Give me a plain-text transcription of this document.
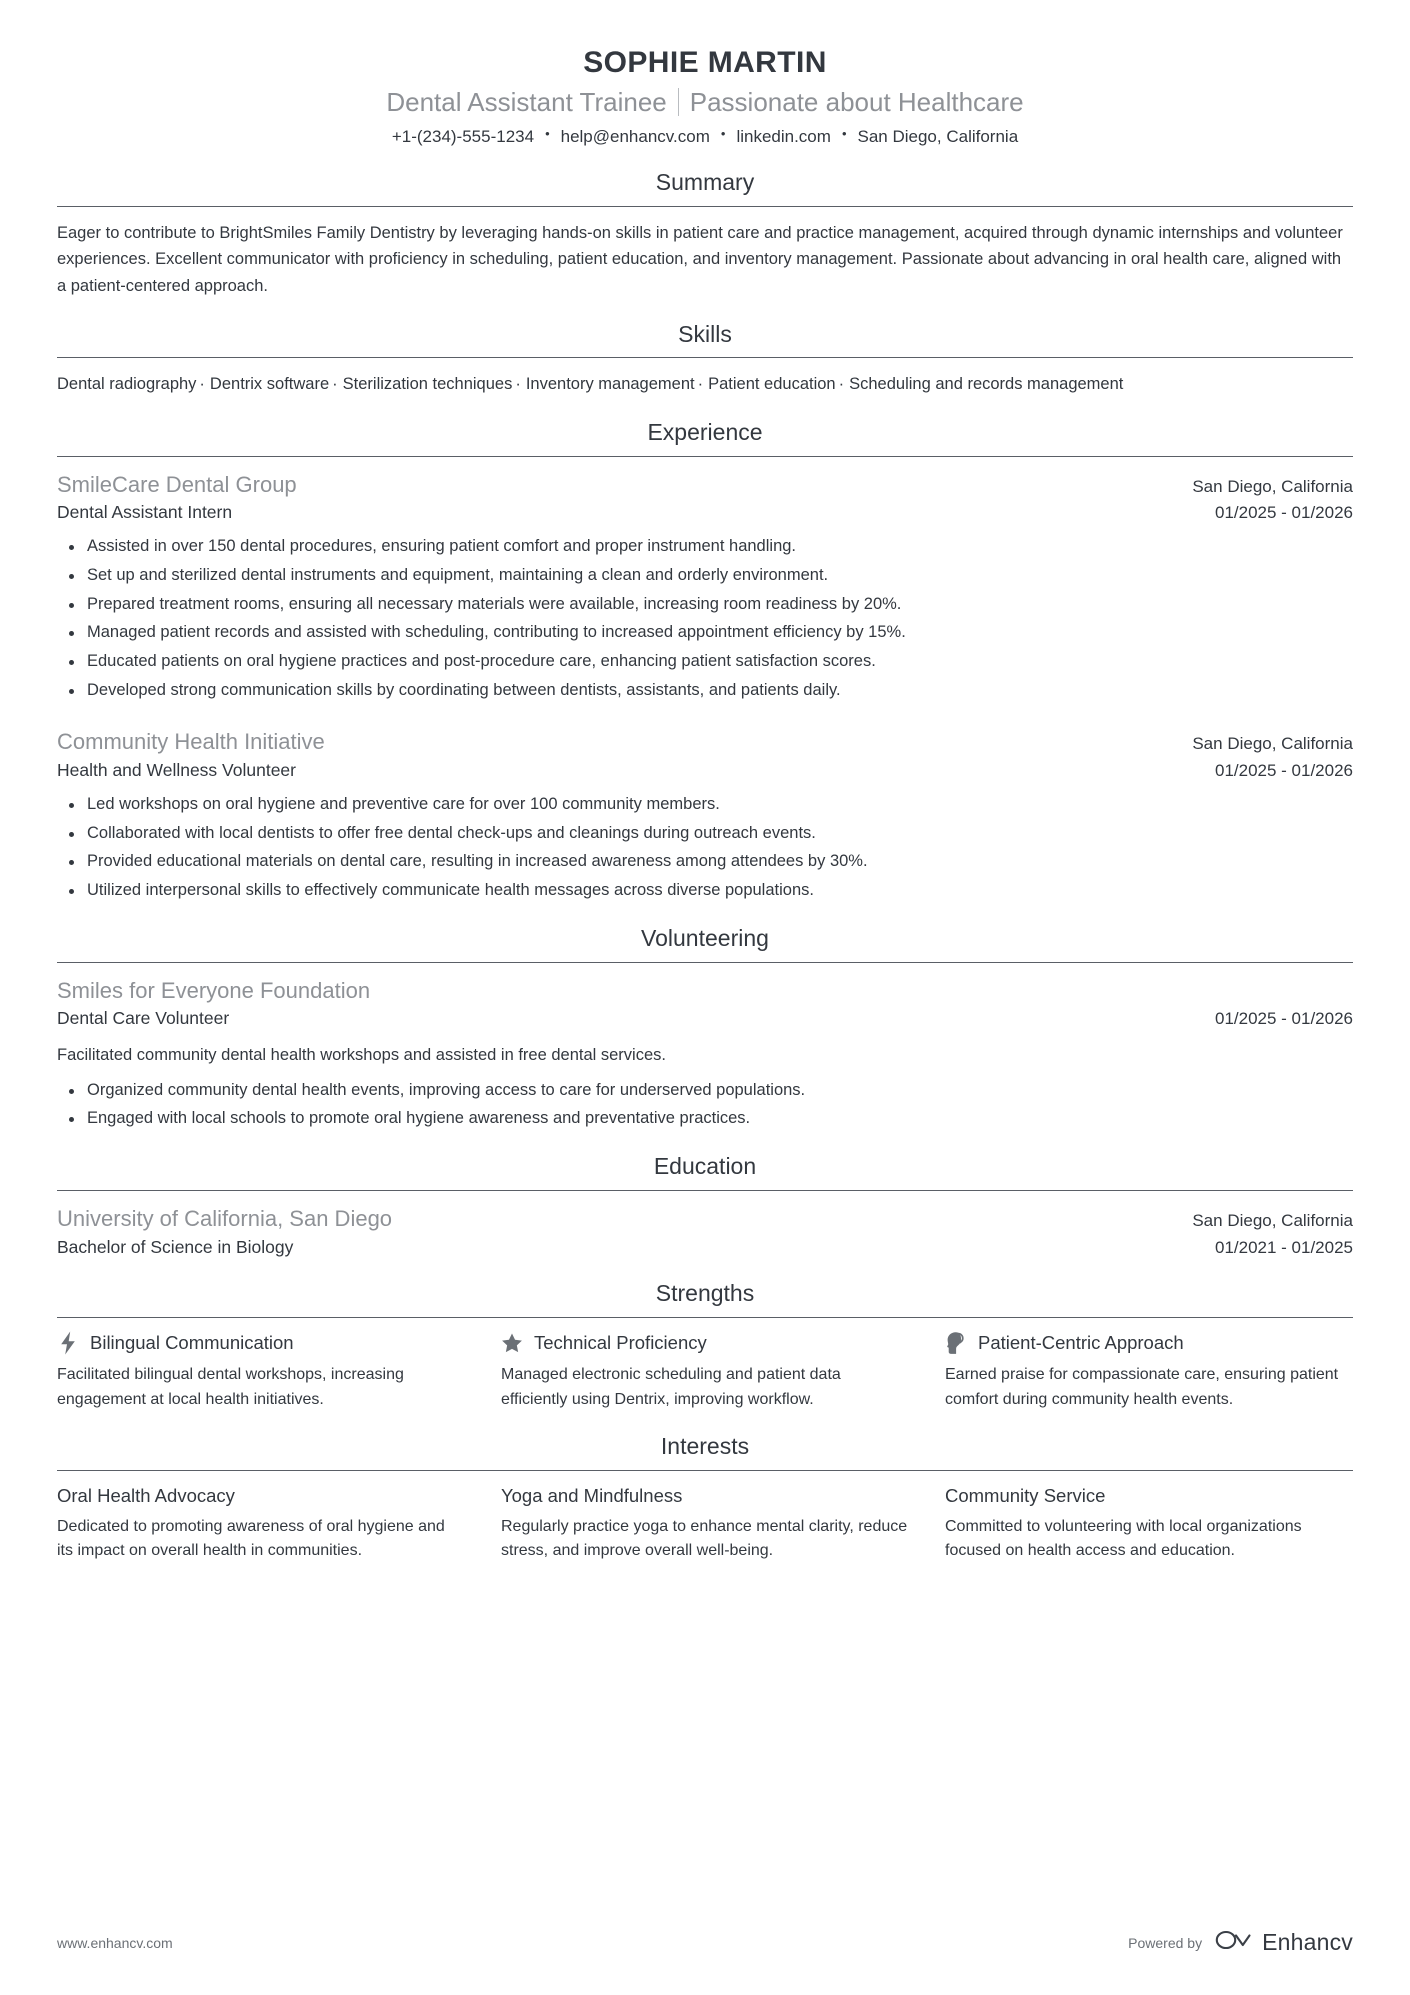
SOPHIE MARTIN
Dental Assistant Trainee Passionate about Healthcare
+1-(234)-555-1234 • help@enhancv.com • linkedin.com • San Diego, California
Summary

Eager to contribute to BrightSmiles Family Dentistry by leveraging hands-on skills in patient care and practice management, acquired through dynamic internships and volunteer experiences. Excellent communicator with proficiency in scheduling, patient education, and inventory management. Passionate about advancing in oral health care, aligned with a patient-centered approach.

Skills
Dental radiography · Dentrix software · Sterilization techniques · Inventory management · Patient education · Scheduling and records management
Experience
SmileCare Dental Group	San Diego, California
Dental Assistant Intern	01/2025 - 01/2026
Assisted in over 150 dental procedures, ensuring patient comfort and proper instrument handling.
Set up and sterilized dental instruments and equipment, maintaining a clean and orderly environment.
Prepared treatment rooms, ensuring all necessary materials were available, increasing room readiness by 20%.
Managed patient records and assisted with scheduling, contributing to increased appointment efficiency by 15%.
Educated patients on oral hygiene practices and post-procedure care, enhancing patient satisfaction scores.
Developed strong communication skills by coordinating between dentists, assistants, and patients daily.
Community Health Initiative	San Diego, California
Health and Wellness Volunteer	01/2025 - 01/2026
Led workshops on oral hygiene and preventive care for over 100 community members.
Collaborated with local dentists to offer free dental check-ups and cleanings during outreach events.
Provided educational materials on dental care, resulting in increased awareness among attendees by 30%.
Utilized interpersonal skills to effectively communicate health messages across diverse populations.
Volunteering
Smiles for Everyone Foundation
Dental Care Volunteer	01/2025 - 01/2026
Facilitated community dental health workshops and assisted in free dental services.
Organized community dental health events, improving access to care for underserved populations.
Engaged with local schools to promote oral hygiene awareness and preventative practices.
Education
University of California, San Diego	San Diego, California
Bachelor of Science in Biology	01/2021 - 01/2025
Strengths
Bilingual Communication
Facilitated bilingual dental workshops, increasing engagement at local health initiatives.
Technical Proficiency
Managed electronic scheduling and patient data efficiently using Dentrix, improving workflow.
Patient-Centric Approach
Earned praise for compassionate care, ensuring patient comfort during community health events.
Interests
Oral Health Advocacy
Dedicated to promoting awareness of oral hygiene and its impact on overall health in communities.
Yoga and Mindfulness
Regularly practice yoga to enhance mental clarity, reduce stress, and improve overall well-being.
Community Service
Committed to volunteering with local organizations focused on health access and education.
www.enhancv.com	Powered by	Enhancv
